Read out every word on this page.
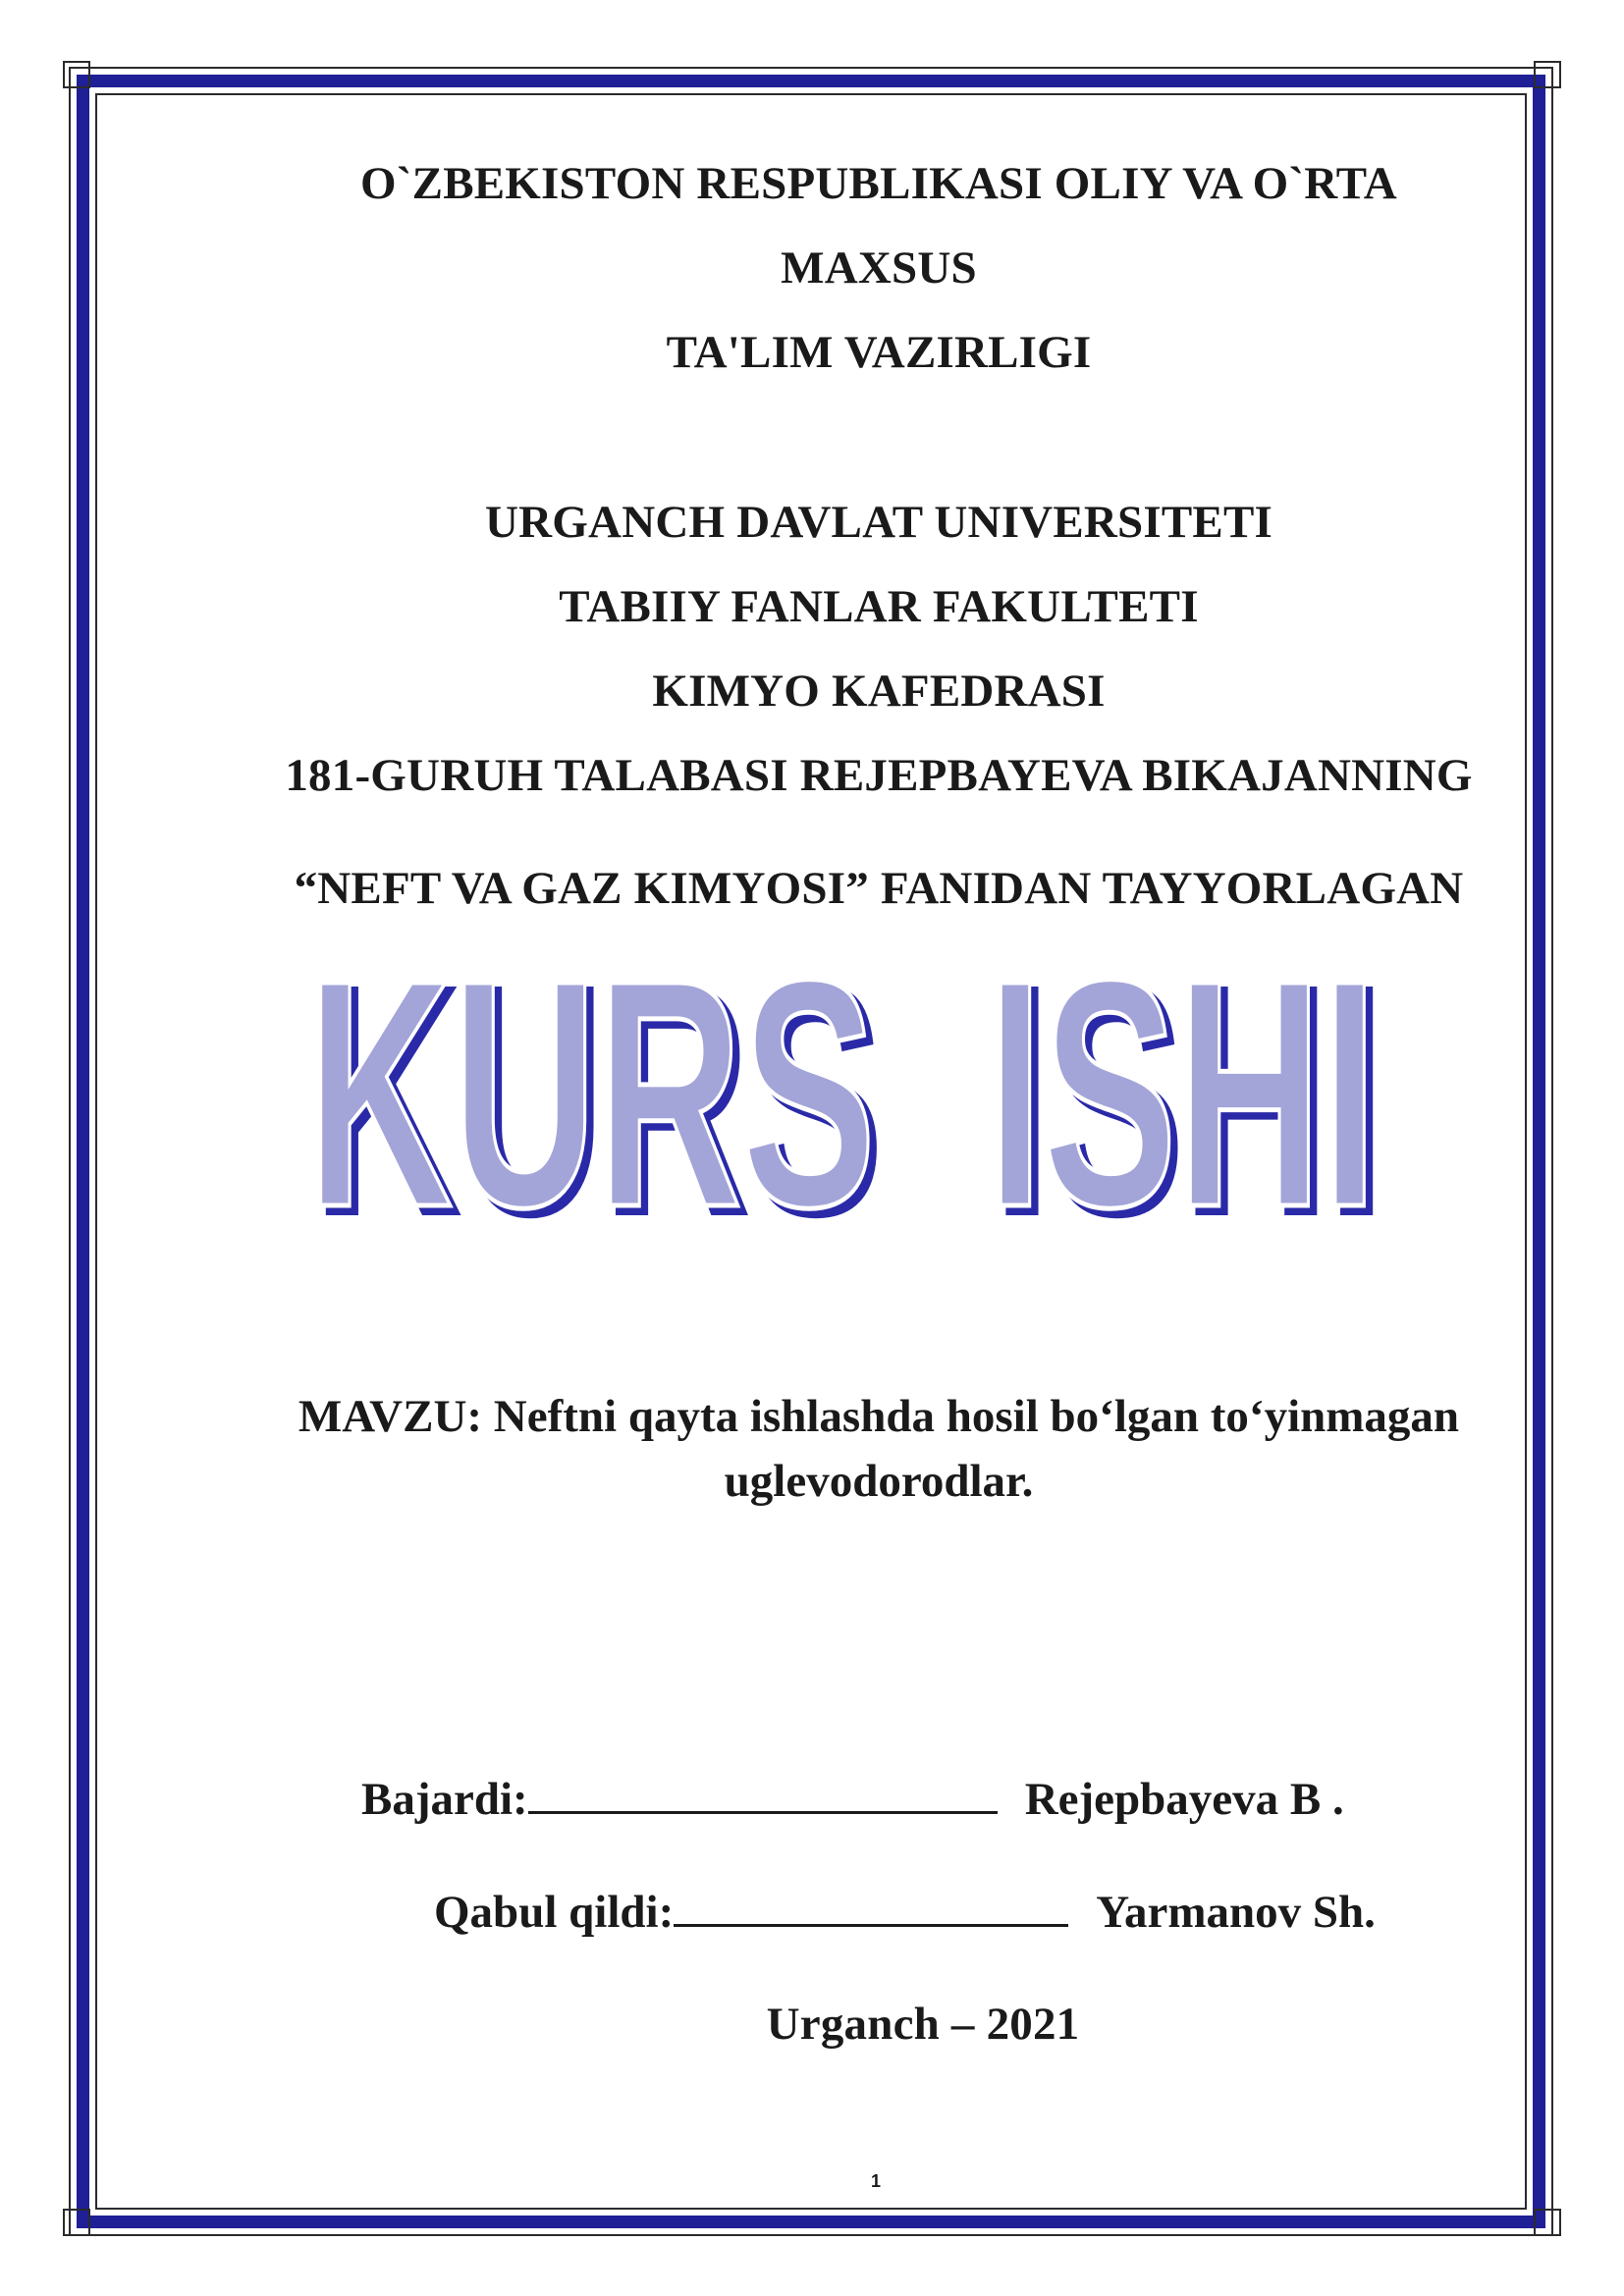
O`ZBEKISTON RESPUBLIKASI OLIY VA O`RTA
MAXSUS
TA'LIM VAZIRLIGI
URGANCH DAVLAT UNIVERSITETI
TABIIY FANLAR FAKULTETI
KIMYO KAFEDRASI
181-GURUH TALABASI REJEPBAYEVA BIKAJANNING
“NEFT VA GAZ KIMYOSI” FANIDAN TAYYORLAGAN
KURS  ISHI
KURS  ISHI
MAVZU: Neftni qayta ishlashda hosil bo‘lgan to‘yinmagan
uglevodorodlar.
Bajardi:	Rejepbayeva B .
Qabul qildi:	Yarmanov Sh.
Urganch – 2021
1
